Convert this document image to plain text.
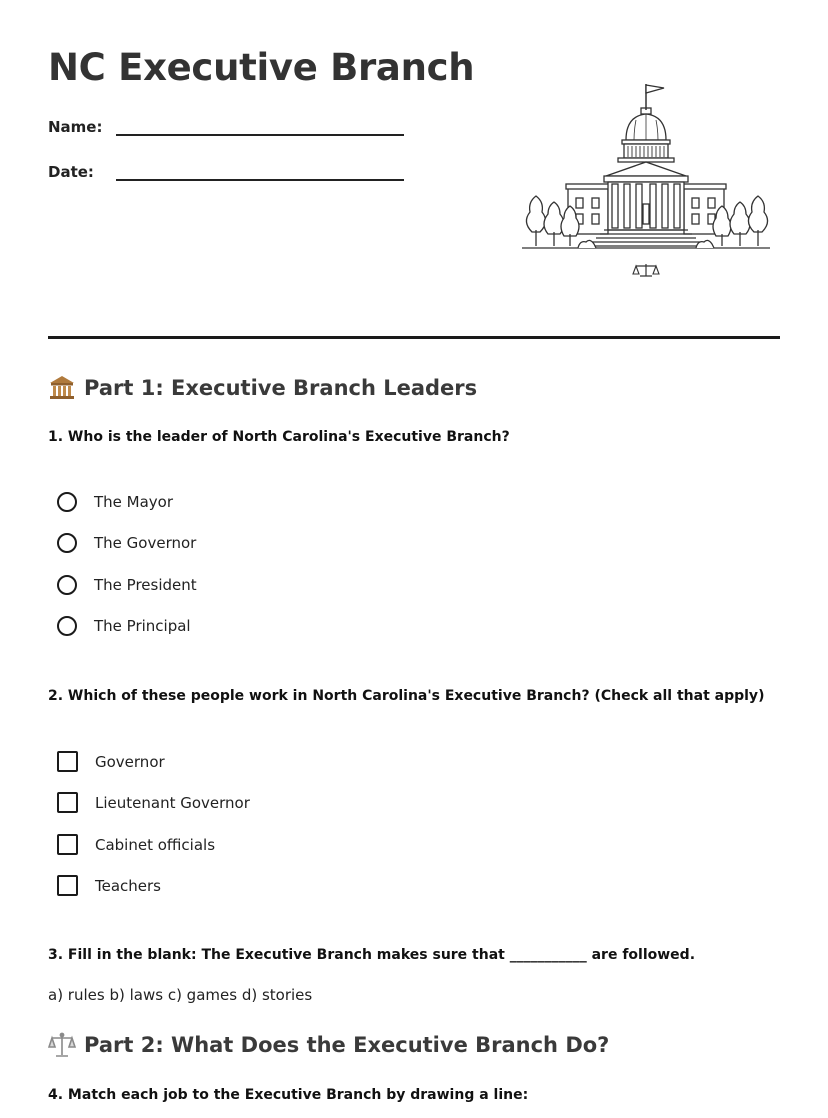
NC Executive Branch
Name:
Date:
Part 1: Executive Branch Leaders

1. Who is the leader of North Carolina's Executive Branch?

The Mayor
The Governor
The President
The Principal

2. Which of these people work in North Carolina's Executive Branch? (Check all that apply)

Governor
Lieutenant Governor
Cabinet officials
Teachers

3. Fill in the blank: The Executive Branch makes sure that ___________ are followed.

a) rules b) laws c) games d) stories
Part 2: What Does the Executive Branch Do?

4. Match each job to the Executive Branch by drawing a line:
